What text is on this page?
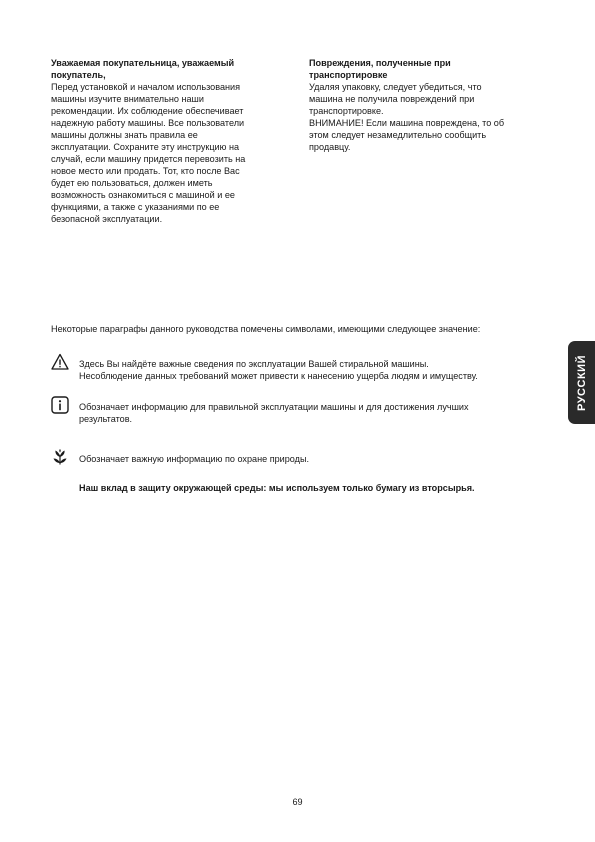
Уважаемая покупательница, уважаемый
покупатель,

Перед установкой и началом использования
машины изучите внимательно наши
рекомендации. Их соблюдение обеспечивает
надежную работу машины. Все пользователи
машины должны знать правила ее
эксплуатации. Сохраните эту инструкцию на
случай, если машину придется перевозить на
новое место или продать. Тот, кто после Вас
будет ею пользоваться, должен иметь
возможность ознакомиться с машиной и ее
функциями, а также с указаниями по ее
безопасной эксплуатации.

Повреждения, полученные при
транспортировке

Удаляя упаковку, следует убедиться, что
машина не получила повреждений при
транспортировке.

ВНИМАНИЕ! Если машина повреждена, то об
этом следует незамедлительно сообщить
продавцу.

Некоторые параграфы данного руководства помечены символами, имеющими следующее значение:
Здесь Вы найдёте важные сведения по эксплуатации Вашей стиральной машины.
Несоблюдение данных требований может привести к нанесению ущерба людям и имуществу.
Обозначает информацию для правильной эксплуатации машины и для достижения лучших
результатов.
Обозначает важную информацию по охране природы.
Наш вклад в защиту окружающей среды: мы используем только бумагу из вторсырья.
РУССКИЙ
69
